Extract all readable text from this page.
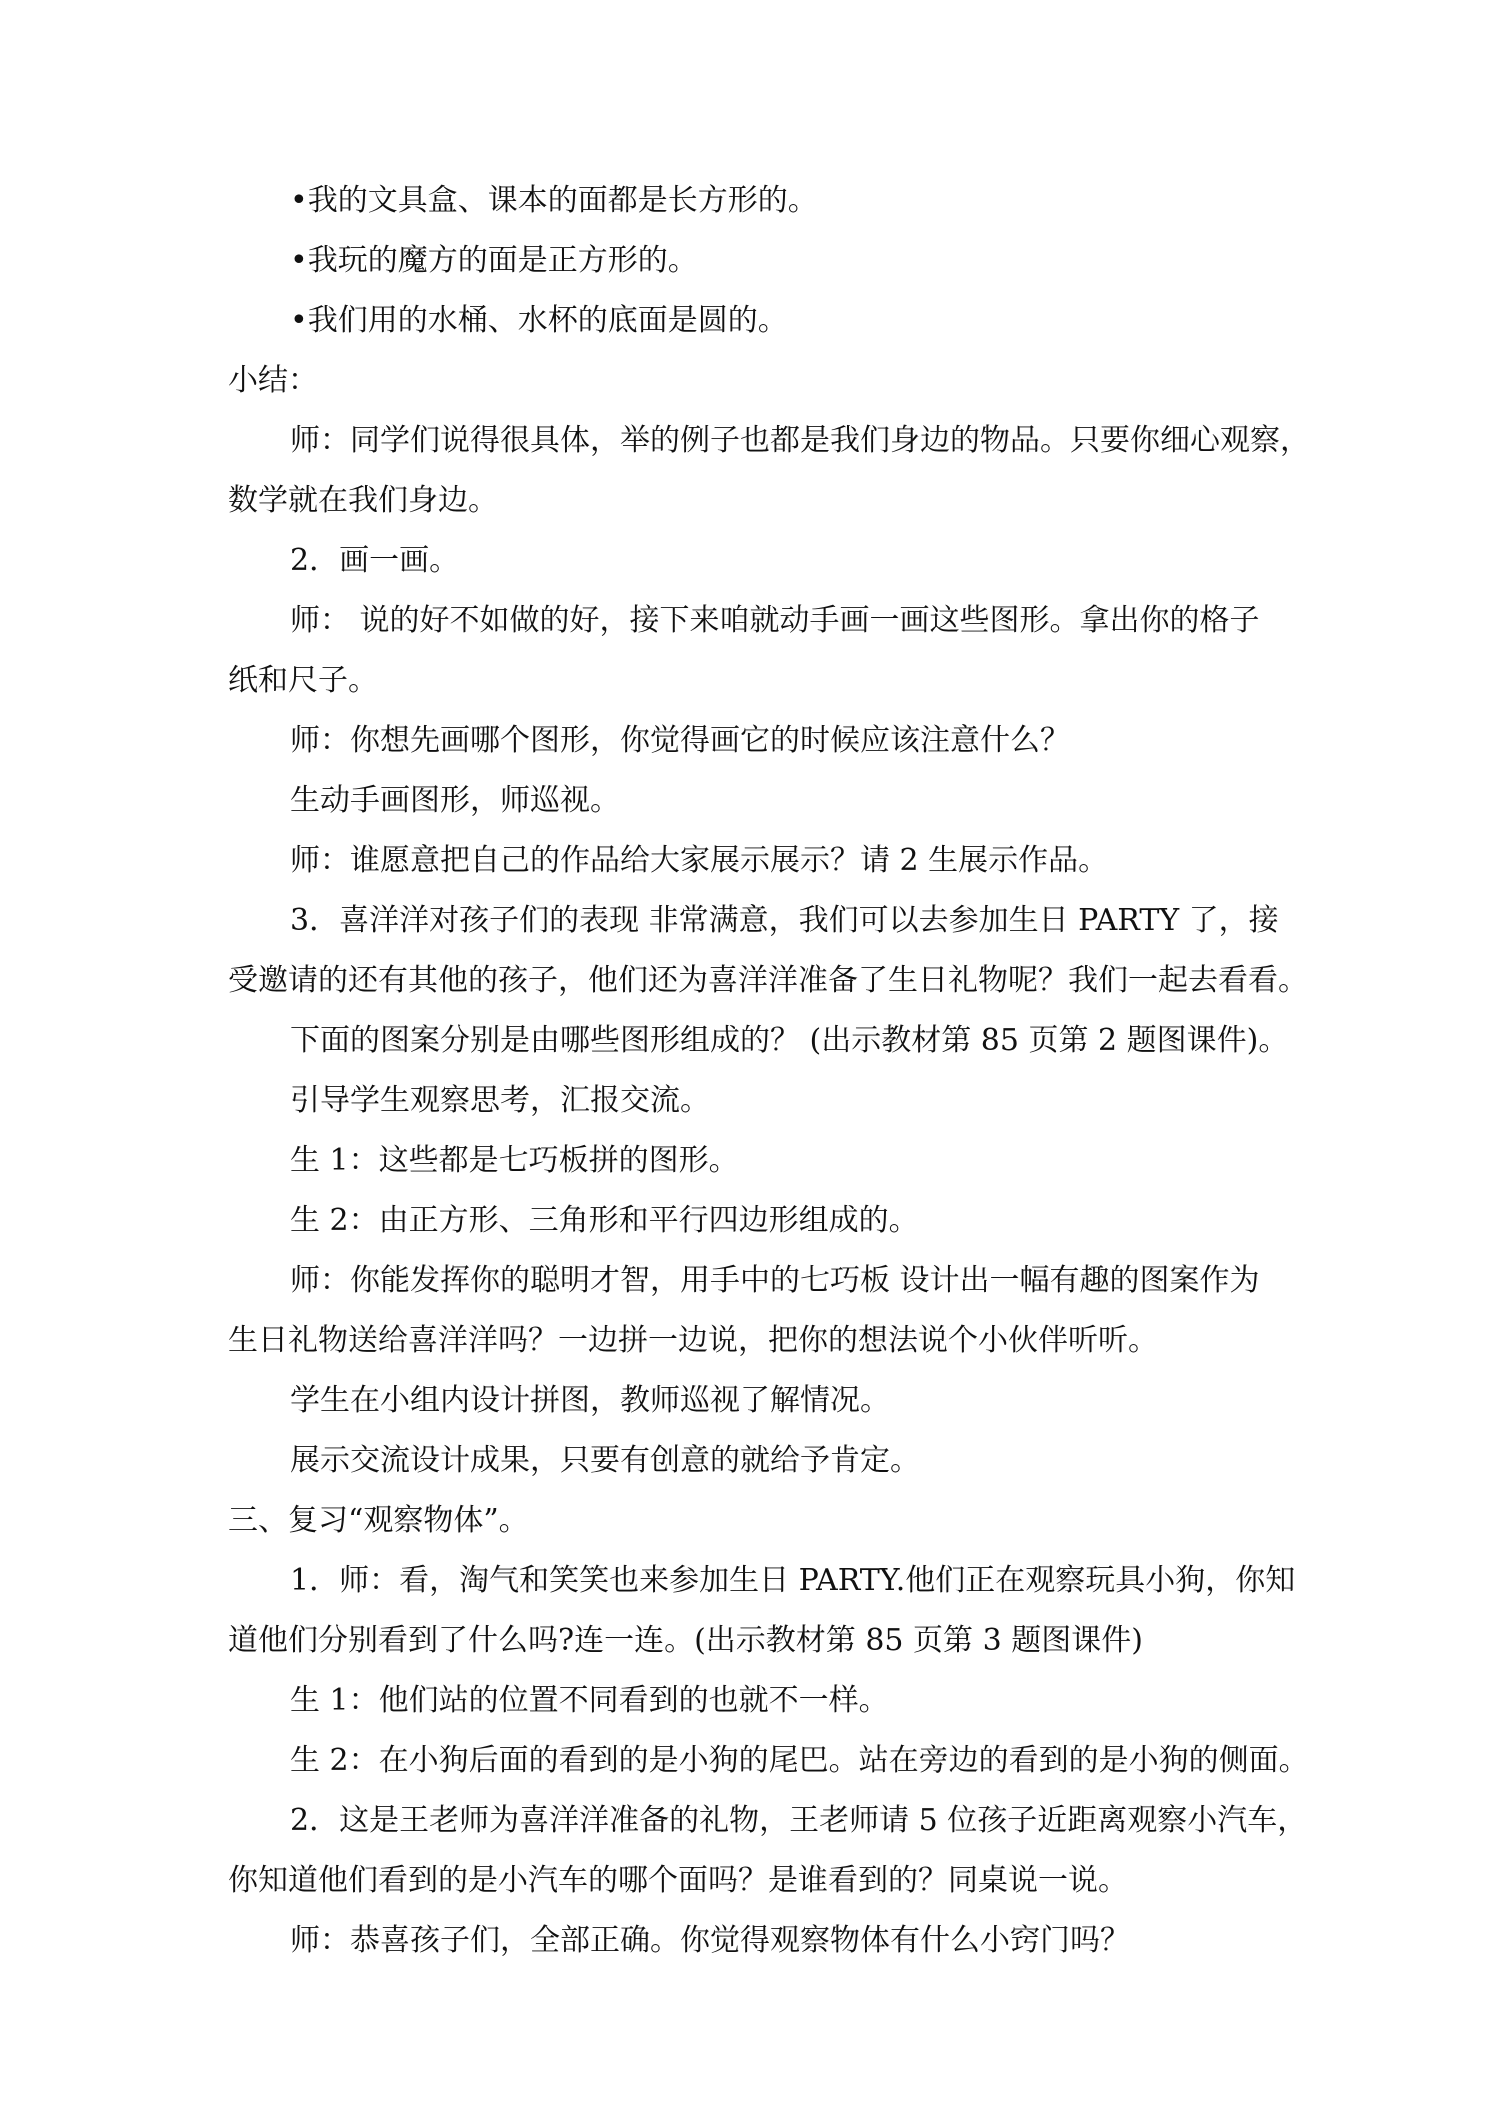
•我的文具盒、课本的面都是长方形的。
•我玩的魔方的面是正方形的。
•我们用的水桶、水杯的底面是圆的。
小结：
师：同学们说得很具体，举的例子也都是我们身边的物品。只要你细心观察，
数学就在我们身边。
2．画一画。
师： 说的好不如做的好，接下来咱就动手画一画这些图形。拿出你的格子
纸和尺子。
师：你想先画哪个图形，你觉得画它的时候应该注意什么？
生动手画图形，师巡视。
师：谁愿意把自己的作品给大家展示展示？请 2 生展示作品。
3．喜洋洋对孩子们的表现 非常满意，我们可以去参加生日 PARTY 了，接
受邀请的还有其他的孩子，他们还为喜洋洋准备了生日礼物呢？我们一起去看看。
下面的图案分别是由哪些图形组成的？ (出示教材第 85 页第 2 题图课件)。
引导学生观察思考，汇报交流。
生 1：这些都是七巧板拼的图形。
生 2：由正方形、三角形和平行四边形组成的。
师：你能发挥你的聪明才智，用手中的七巧板 设计出一幅有趣的图案作为
生日礼物送给喜洋洋吗？一边拼一边说，把你的想法说个小伙伴听听。
学生在小组内设计拼图，教师巡视了解情况。
展示交流设计成果，只要有创意的就给予肯定。
三、复习“观察物体”。
1．师：看，淘气和笑笑也来参加生日 PARTY.他们正在观察玩具小狗，你知
道他们分别看到了什么吗?连一连。(出示教材第 85 页第 3 题图课件)
生 1：他们站的位置不同看到的也就不一样。
生 2：在小狗后面的看到的是小狗的尾巴。站在旁边的看到的是小狗的侧面。
2．这是王老师为喜洋洋准备的礼物，王老师请 5 位孩子近距离观察小汽车，
你知道他们看到的是小汽车的哪个面吗？是谁看到的？同桌说一说。
师：恭喜孩子们，全部正确。你觉得观察物体有什么小窍门吗？
